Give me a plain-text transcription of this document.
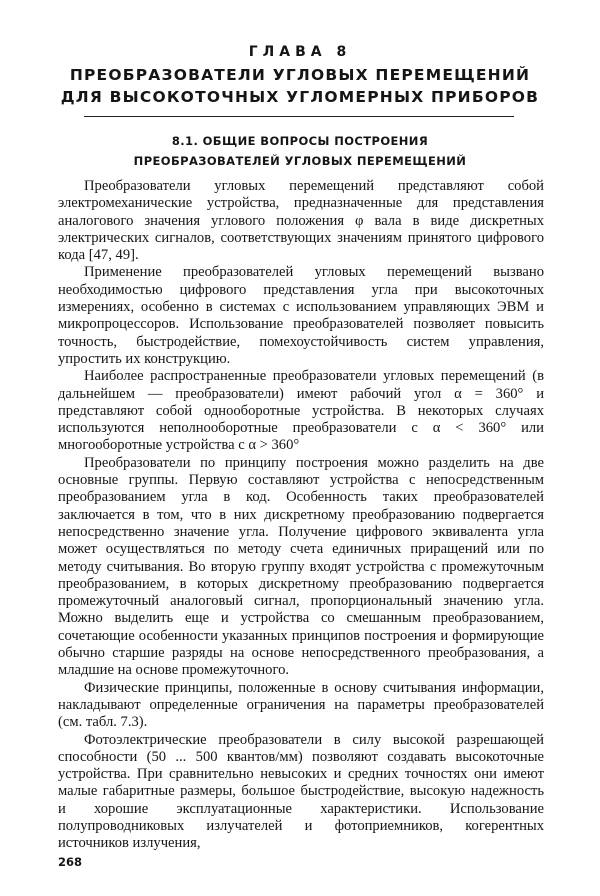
ГЛАВА 8
ПРЕОБРАЗОВАТЕЛИ УГЛОВЫХ ПЕРЕМЕЩЕНИЙ
ДЛЯ ВЫСОКОТОЧНЫХ УГЛОМЕРНЫХ ПРИБОРОВ
8.1. ОБЩИЕ ВОПРОСЫ ПОСТРОЕНИЯ
ПРЕОБРАЗОВАТЕЛЕЙ УГЛОВЫХ ПЕРЕМЕЩЕНИЙ

Преобразователи угловых перемещений представляют собой электромеханические устройства, предназначенные для представления аналогового значения углового положения φ вала в виде дискретных электрических сигналов, соответствующих значениям принятого цифрового кода [47, 49].

Применение преобразователей угловых перемещений вызвано необходимостью цифрового представления угла при высокоточных измерениях, особенно в системах с использованием управляющих ЭВМ и микропроцессоров. Использование преобразователей позволяет повысить точность, быстродействие, помехоустойчивость систем управления, упростить их конструкцию.

Наиболее распространенные преобразователи угловых перемещений (в дальнейшем — преобразователи) имеют рабочий угол α = 360° и представляют собой однооборотные устройства. В некоторых случаях используются неполнооборотные преобразователи с α < 360° или многооборотные устройства с α > 360°

Преобразователи по принципу построения можно разделить на две основные группы. Первую составляют устройства с непосредственным преобразованием угла в код. Особенность таких преобразователей заключается в том, что в них дискретному преобразованию подвергается непосредственно значение угла. Получение цифрового эквивалента угла может осуществляться по методу счета единичных приращений или по методу считывания. Во вторую группу входят устройства с промежуточным преобразованием, в которых дискретному преобразованию подвергается промежуточный аналоговый сигнал, пропорциональный значению угла. Можно выделить еще и устройства со смешанным преобразованием, сочетающие особенности указанных принципов построения и формирующие обычно старшие разряды на основе непосредственного преобразования, а младшие на основе промежуточного.

Физические принципы, положенные в основу считывания информации, накладывают определенные ограничения на параметры преобразователей (см. табл. 7.3).

Фотоэлектрические преобразователи в силу высокой разрешающей способности (50 ... 500 квантов/мм) позволяют создавать высокоточные устройства. При сравнительно невысоких и средних точностях они имеют малые габаритные размеры, большое быстродействие, высокую надежность и хорошие эксплуатационные характеристики. Использование полупроводниковых излучателей и фотоприемников, когерентных источников излучения,

268
